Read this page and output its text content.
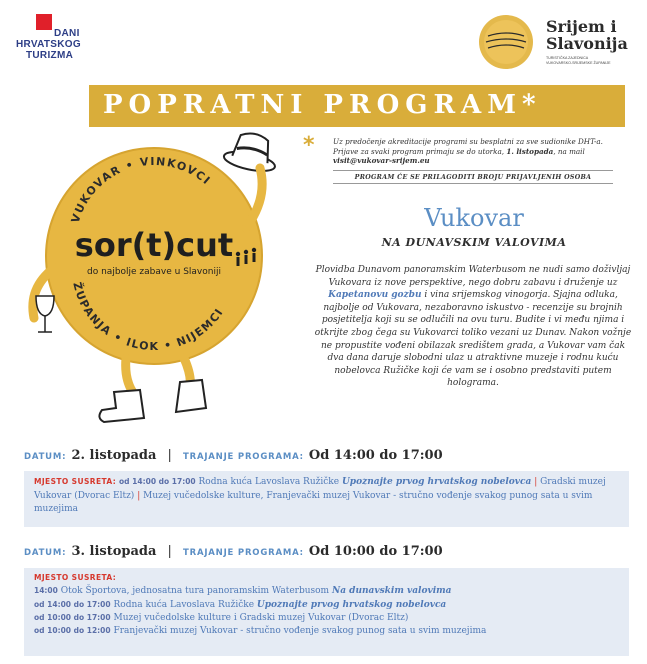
DANI
HRVATSKOG
TURIZMA
Srijem i
Slavonija
TURISTIČKA ZAJEDNICA
VUKOVARSKO-SRIJEMSKE ŽUPANIJE
POPRATNI PROGRAM*
*	Uz predočenje akreditacije programi su besplatni za sve sudionike DHT-a. Prijave za svaki program primaju se do utorka, 1. listopada, na mail visit@vukovar-srijem.eu
PROGRAM ĆE SE PRILAGODITI BROJU PRIJAVLJENIH OSOBA
VUKOVAR • VINKOVCI
ŽUPANJA • ILOK • NIJEMCI
sor(t)cut
do najbolje zabave u Slavoniji
Vukovar
NA DUNAVSKIM VALOVIMA
Plovidba Dunavom panoramskim Waterbusom ne nudi samo doživljaj Vukovara iz nove perspektive, nego dobru zabavu i druženje uz Kapetanovu gozbu i vina srijemskog vinogorja. Sjajna odluka, najbolje od Vukovara, nezaboravno iskustvo - recenzije su brojnih posjetitelja koji su se odlučili na ovu turu. Budite i vi među njima i otkrijte zbog čega su Vukovarci toliko vezani uz Dunav. Nakon vožnje ne propustite vođeni obilazak središtem grada, a Vukovar vam čak dva dana daruje slobodni ulaz u atraktivne muzeje i rodnu kuću nobelovca Ružičke koji će vam se i osobno predstaviti putem holograma.
DATUM: 2. listopada | TRAJANJE PROGRAMA: Od 14:00 do 17:00

MJESTO SUSRETA: od 14:00 do 17:00 Rodna kuća Lavoslava Ružičke Upoznajte prvog hrvatskog nobelovca | Gradski muzej Vukovar (Dvorac Eltz) | Muzej vučedolske kulture, Franjevački muzej Vukovar - stručno vođenje svakog punog sata u svim muzejima

DATUM: 3. listopada | TRAJANJE PROGRAMA: Od 10:00 do 17:00
MJESTO SUSRETA:
14:00 Otok Športova, jednosatna tura panoramskim Waterbusom Na dunavskim valovima
od 14:00 do 17:00 Rodna kuća Lavoslava Ružičke Upoznajte prvog hrvatskog nobelovca
od 10:00 do 17:00 Muzej vučedolske kulture i Gradski muzej Vukovar (Dvorac Eltz)
od 10:00 do 12:00 Franjevački muzej Vukovar - stručno vođenje svakog punog sata u svim muzejima
